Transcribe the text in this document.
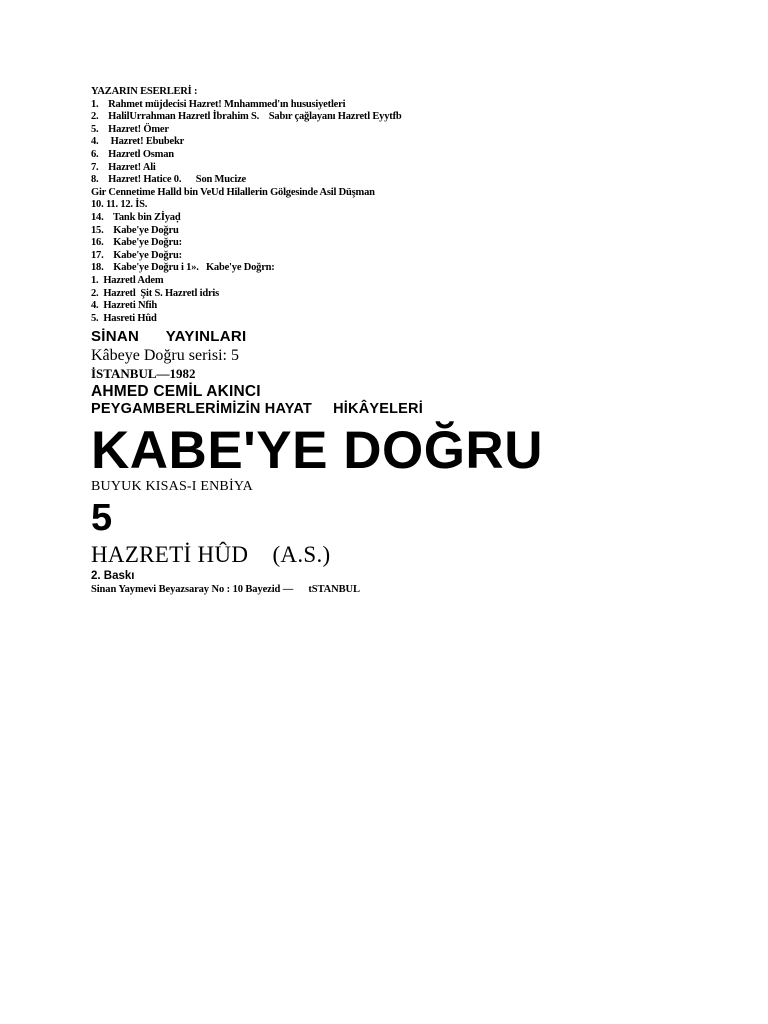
YAZARIN ESERLERİ :
1.    Rahmet müjdecisi Hazret! Mnhammed'ın hususiyetleri
2.    HalilUrrahman Hazretl İbrahim S.    Sabır çağlayanı Hazretl Eyytfb
5.    Hazret! Ömer
4.     Hazret! Ebubekr
6.    Hazretl Osman
7.    Hazret! Ali
8.    Hazret! Hatice 0.      Son Mucize
Gir Cennetime Halld bin VeUd Hilallerin Gölgesinde Asil Düşman
10. 11. 12. İS.
14.    Tank bin Zİyaḍ
15.    Kabe'ye Doğru
16.    Kabe'ye Doğru:
17.    Kabe'ye Doğru:
18.    Kabe'ye Doğru i 1».   Kabe'ye Doğrn:
1.  Hazretl Adem
2.  Hazretl  Şit S. Hazretl idris
4.  Hazreti Nfih
5.  Hasreti Hûd
SİNAN      YAYINLARI
Kâbeye Doğru serisi: 5
İSTANBUL—1982
AHMED CEMİL AKINCI
PEYGAMBERLERİMİZİN HAYAT     HİKÂYELERİ
KABE'YE DOĞRU
BUYUK KISAS-I ENBİYA
5
HAZRETİ HÛD    (A.S.)
2. Baskı
Sinan Yaymevi Beyazsaray No : 10 Bayezid —      tSTANBUL
